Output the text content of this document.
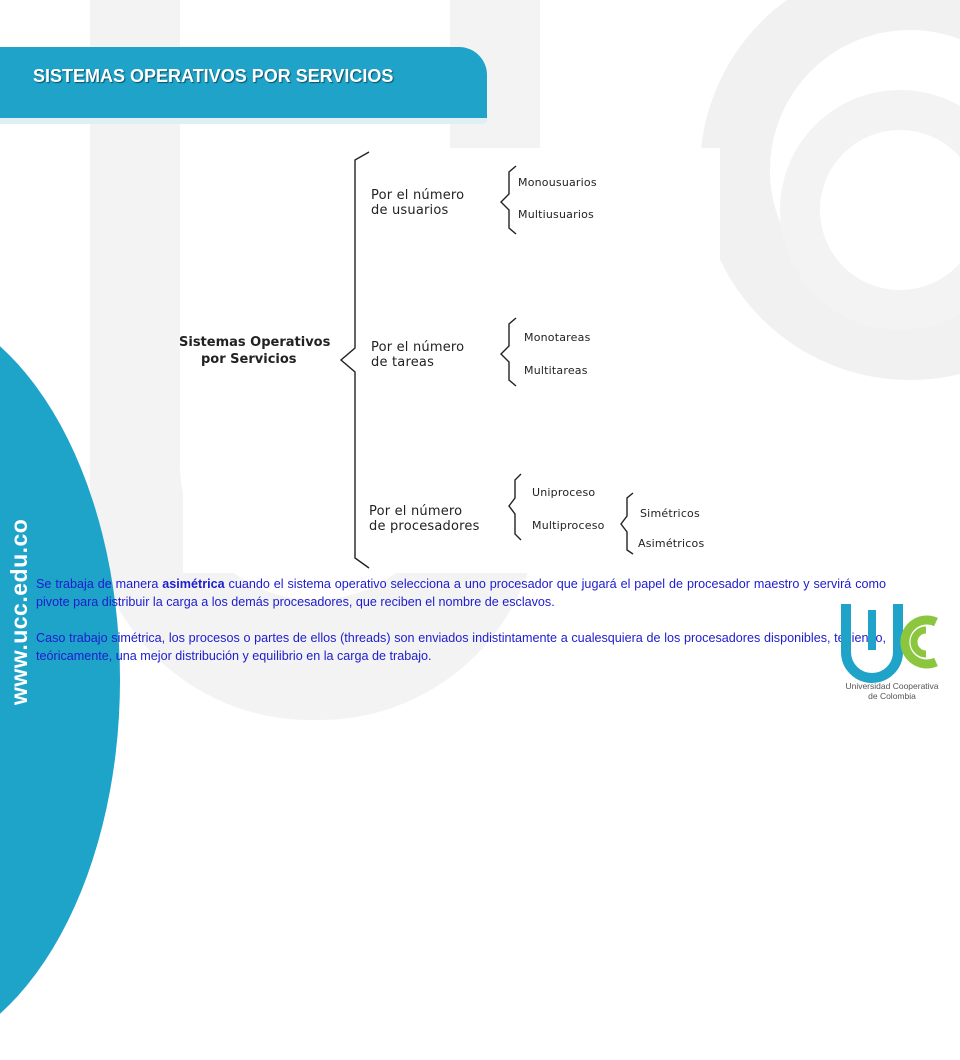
www.ucc.edu.co
SISTEMAS OPERATIVOS POR SERVICIOS
Sistemas Operativos
por Servicios
Por el número
de usuarios
Monousuarios
Multiusuarios
Por el número
de tareas
Monotareas
Multitareas
Por el número
de procesadores
Uniproceso
Multiproceso
Simétricos
Asimétricos
Se trabaja de manera asimétrica cuando el sistema operativo selecciona a uno procesador que jugará el papel de procesador maestro y servirá como pivote para distribuir la carga a los demás procesadores, que reciben el nombre de esclavos.
Caso trabajo simétrica, los procesos o partes de ellos (threads) son enviados indistintamente a cualesquiera de los procesadores disponibles, teniendo, teóricamente, una mejor distribución y equilibrio en la carga de trabajo.
Universidad Cooperativa
de Colombia
